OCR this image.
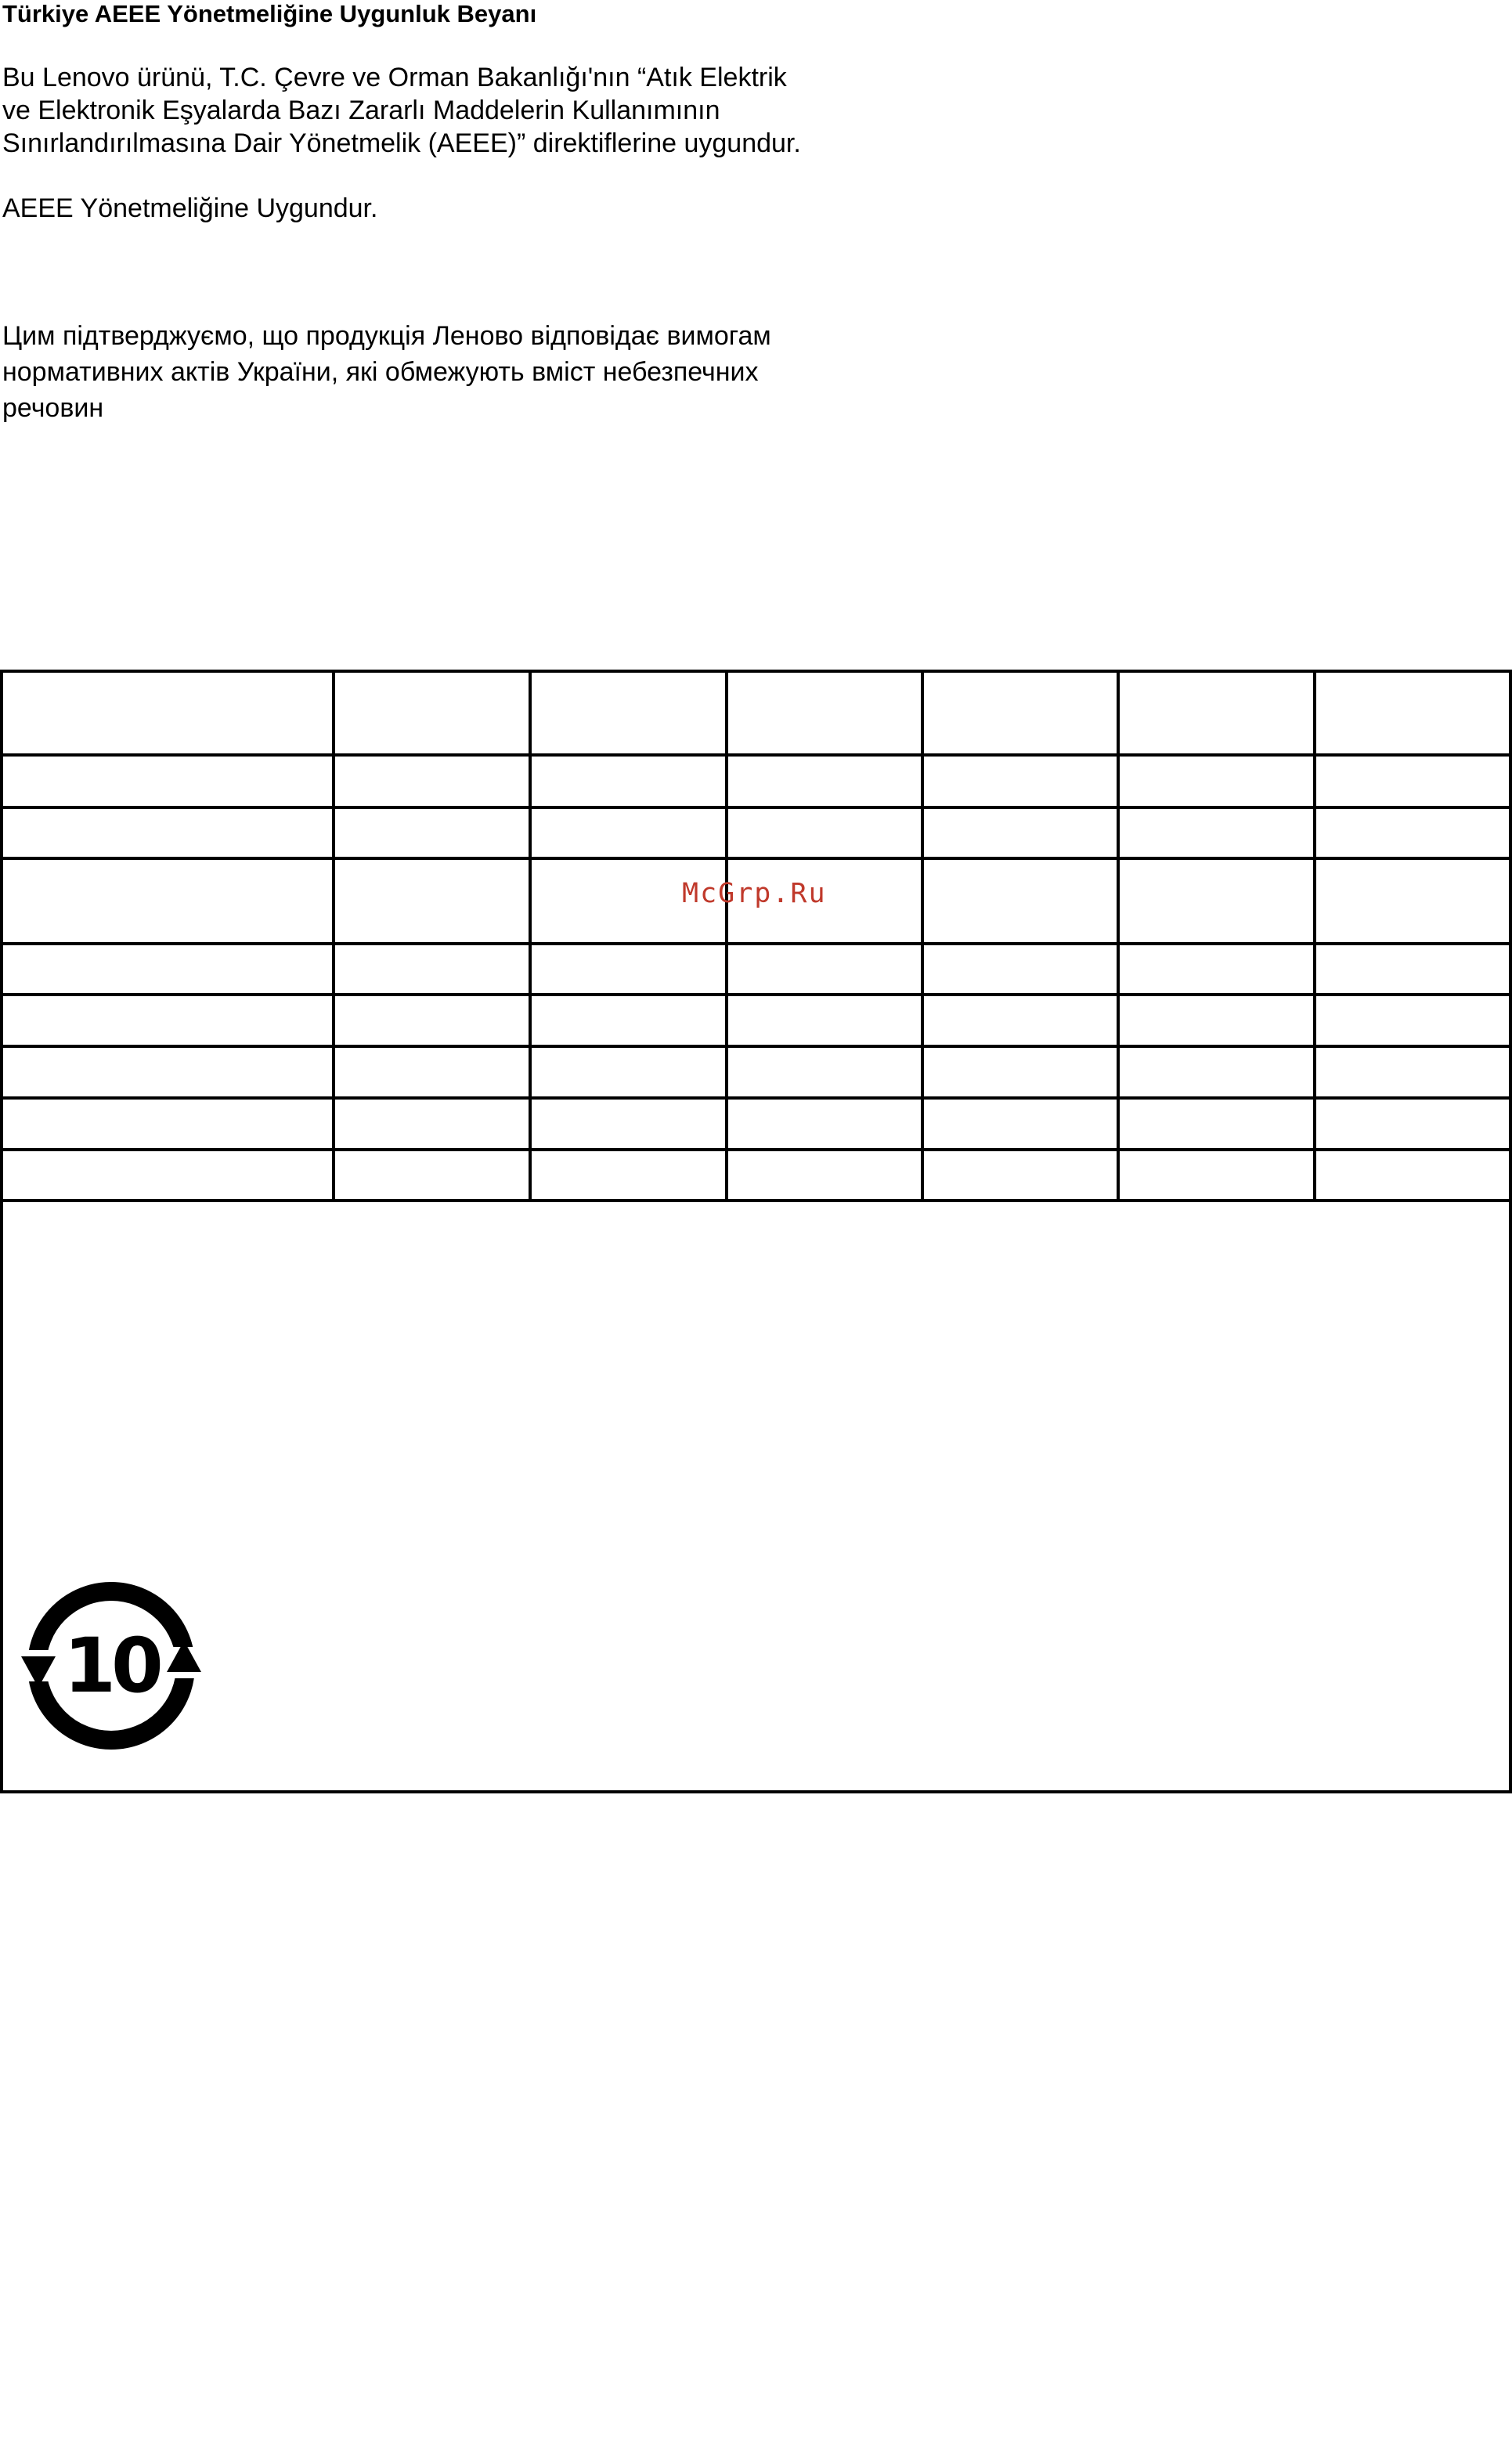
Türkiye AEEE Yönetmeliğine Uygunluk Beyanı
Bu Lenovo ürünü, T.C. Çevre ve Orman Bakanlığı'nın “Atık Elektrik
ve Elektronik Eşyalarda Bazı Zararlı Maddelerin Kullanımının
Sınırlandırılmasına Dair Yönetmelik (AEEE)” direktiflerine uygundur.
AEEE Yönetmeliğine Uygundur.
Цим підтверджуємо, що продукція Леново відповідає вимогам
нормативних актів України, які обмежують вміст небезпечних
речовин
McGrp.Ru
10
